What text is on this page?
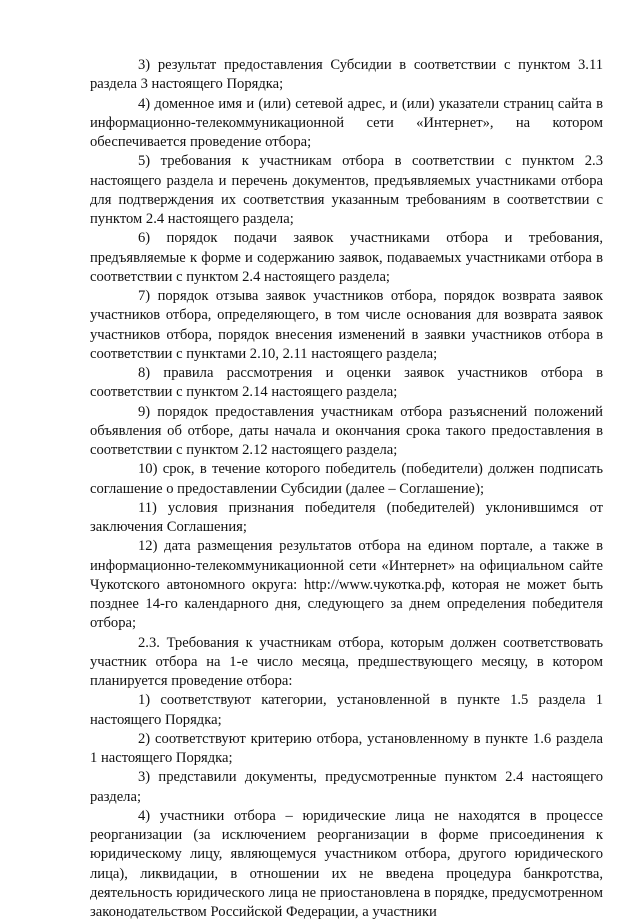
3) результат предоставления Субсидии в соответствии с пунктом 3.11 раздела 3 настоящего Порядка;

4) доменное имя и (или) сетевой адрес, и (или) указатели страниц сайта в информационно-телекоммуникационной сети «Интернет», на котором обеспечивается проведение отбора;

5) требования к участникам отбора в соответствии с пунктом 2.3 настоящего раздела и перечень документов, предъявляемых участниками отбора для подтверждения их соответствия указанным требованиям в соответствии с пунктом 2.4 настоящего раздела;

6) порядок подачи заявок участниками отбора и требования, предъявляемые к форме и содержанию заявок, подаваемых участниками отбора в соответствии с пунктом 2.4 настоящего раздела;

7) порядок отзыва заявок участников отбора, порядок возврата заявок участников отбора, определяющего, в том числе основания для возврата заявок участников отбора, порядок внесения изменений в заявки участников отбора в соответствии с пунктами 2.10, 2.11 настоящего раздела;

8) правила рассмотрения и оценки заявок участников отбора в соответствии с пунктом 2.14 настоящего раздела;

9) порядок предоставления участникам отбора разъяснений положений объявления об отборе, даты начала и окончания срока такого предоставления в соответствии с пунктом 2.12 настоящего раздела;

10) срок, в течение которого победитель (победители) должен подписать соглашение о предоставлении Субсидии (далее – Соглашение);

11) условия признания победителя (победителей) уклонившимся от заключения Соглашения;

12) дата размещения результатов отбора на едином портале, а также в информационно-телекоммуникационной сети «Интернет» на официальном сайте Чукотского автономного округа: http://www.чукотка.рф, которая не может быть позднее 14-го календарного дня, следующего за днем определения победителя отбора;

2.3. Требования к участникам отбора, которым должен соответствовать участник отбора на 1-е число месяца, предшествующего месяцу, в котором планируется проведение отбора:

1) соответствуют категории, установленной в пункте 1.5 раздела 1 настоящего Порядка;

2) соответствуют критерию отбора, установленному в пункте 1.6 раздела 1 настоящего Порядка;

3) представили документы, предусмотренные пунктом 2.4 настоящего раздела;

4) участники отбора – юридические лица не находятся в процессе реорганизации (за исключением реорганизации в форме присоединения к юридическому лицу, являющемуся участником отбора, другого юридического лица), ликвидации, в отношении их не введена процедура банкротства, деятельность юридического лица не приостановлена в порядке, предусмотренном законодательством Российской Федерации, а участники
